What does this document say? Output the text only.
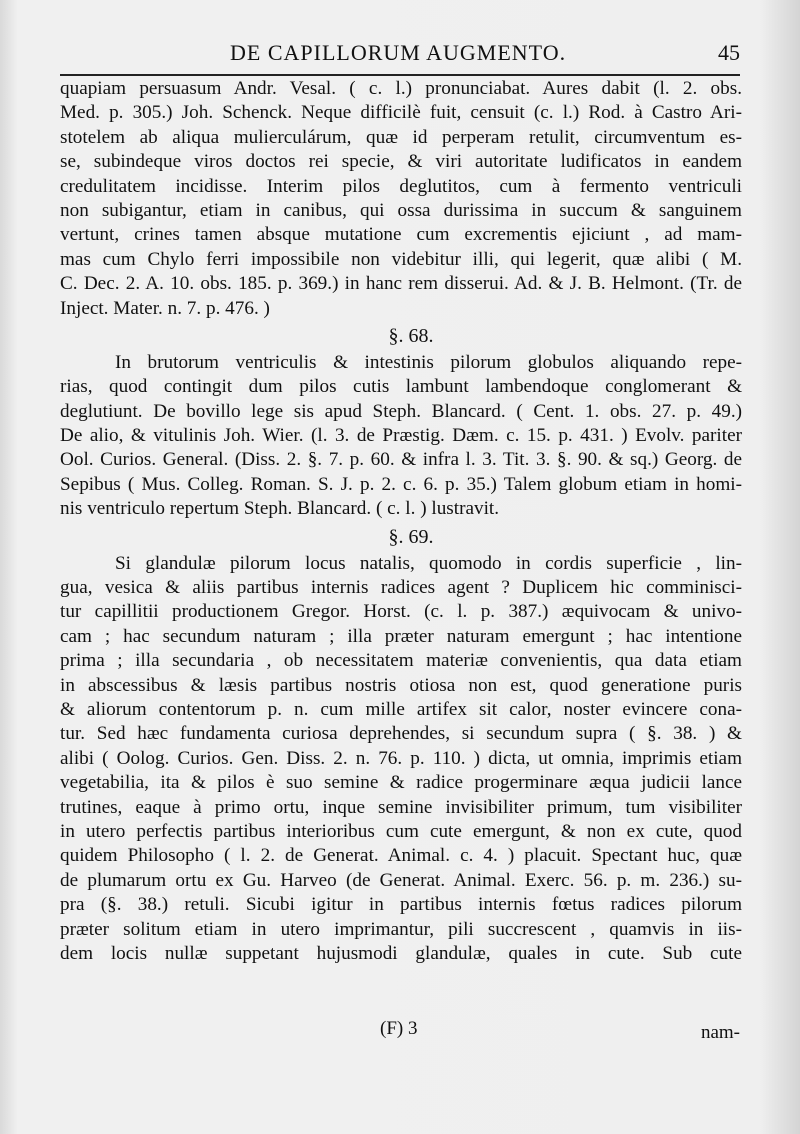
DE CAPILLORUM AUGMENTO.	45
quapiam persuasum Andr. Vesal. ( c. l.) pronunciabat. Aures dabit (l. 2. obs.
Med. p. 305.) Joh. Schenck. Neque difficilè fuit, censuit (c. l.) Rod. à Castro Ari-
stotelem ab aliqua mulierculárum, quæ id perperam retulit, circumventum es-
se, subindeque viros doctos rei specie, & viri autoritate ludificatos in eandem
credulitatem incidisse. Interim pilos deglutitos, cum à fermento ventriculi
non subigantur, etiam in canibus, qui ossa durissima in succum & sanguinem
vertunt, crines tamen absque mutatione cum excrementis ejiciunt , ad mam-
mas cum Chylo ferri impossibile non videbitur illi, qui legerit, quæ alibi ( M.
C. Dec. 2. A. 10. obs. 185. p. 369.) in hanc rem disserui. Ad. & J. B. Helmont. (Tr. de
Inject. Mater. n. 7. p. 476. )
§. 68.
In brutorum ventriculis & intestinis pilorum globulos aliquando repe-
rias, quod contingit dum pilos cutis lambunt lambendoque conglomerant &
deglutiunt. De bovillo lege sis apud Steph. Blancard. ( Cent. 1. obs. 27. p. 49.)
De alio, & vitulinis Joh. Wier. (l. 3. de Præstig. Dæm. c. 15. p. 431. ) Evolv. pariter
Ool. Curios. General. (Diss. 2. §. 7. p. 60. & infra l. 3. Tit. 3. §. 90. & sq.) Georg. de
Sepibus ( Mus. Colleg. Roman. S. J. p. 2. c. 6. p. 35.) Talem globum etiam in homi-
nis ventriculo repertum Steph. Blancard. ( c. l. ) lustravit.
§. 69.
Si glandulæ pilorum locus natalis, quomodo in cordis superficie , lin-
gua, vesica & aliis partibus internis radices agent ? Duplicem hic comminisci-
tur capillitii productionem Gregor. Horst. (c. l. p. 387.) æquivocam & univo-
cam ; hac secundum naturam ; illa præter naturam emergunt ; hac intentione
prima ; illa secundaria , ob necessitatem materiæ convenientis, qua data etiam
in abscessibus & læsis partibus nostris otiosa non est, quod generatione puris
& aliorum contentorum p. n. cum mille artifex sit calor, noster evincere cona-
tur. Sed hæc fundamenta curiosa deprehendes, si secundum supra ( §. 38. ) &
alibi ( Oolog. Curios. Gen. Diss. 2. n. 76. p. 110. ) dicta, ut omnia, imprimis etiam
vegetabilia, ita & pilos è suo semine & radice progerminare æqua judicii lance
trutines, eaque à primo ortu, inque semine invisibiliter primum, tum visibiliter
in utero perfectis partibus interioribus cum cute emergunt, & non ex cute, quod
quidem Philosopho ( l. 2. de Generat. Animal. c. 4. ) placuit. Spectant huc, quæ
de plumarum ortu ex Gu. Harveo (de Generat. Animal. Exerc. 56. p. m. 236.) su-
pra (§. 38.) retuli. Sicubi igitur in partibus internis fœtus radices pilorum
præter solitum etiam in utero imprimantur, pili succrescent , quamvis in iis-
dem locis nullæ suppetant hujusmodi glandulæ, quales in cute. Sub cute
(F) 3	nam-
